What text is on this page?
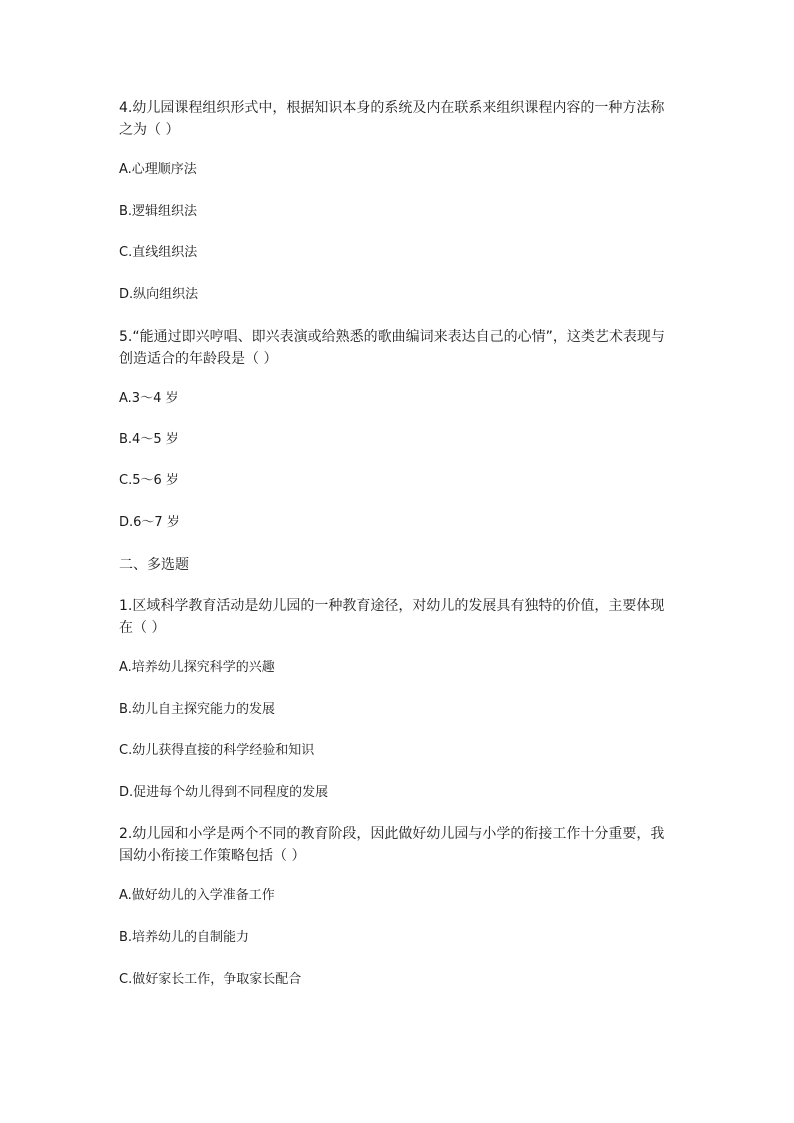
4.幼儿园课程组织形式中，根据知识本身的系统及内在联系来组织课程内容的一种方法称
之为（ ）
A.心理顺序法
B.逻辑组织法
C.直线组织法
D.纵向组织法
5.“能通过即兴哼唱、即兴表演或给熟悉的歌曲编词来表达自己的心情”，这类艺术表现与
创造适合的年龄段是（ ）
A.3～4 岁
B.4～5 岁
C.5～6 岁
D.6～7 岁
二、多选题
1.区域科学教育活动是幼儿园的一种教育途径，对幼儿的发展具有独特的价值，主要体现
在（ ）
A.培养幼儿探究科学的兴趣
B.幼儿自主探究能力的发展
C.幼儿获得直接的科学经验和知识
D.促进每个幼儿得到不同程度的发展
2.幼儿园和小学是两个不同的教育阶段，因此做好幼儿园与小学的衔接工作十分重要，我
国幼小衔接工作策略包括（ ）
A.做好幼儿的入学准备工作
B.培养幼儿的自制能力
C.做好家长工作，争取家长配合
